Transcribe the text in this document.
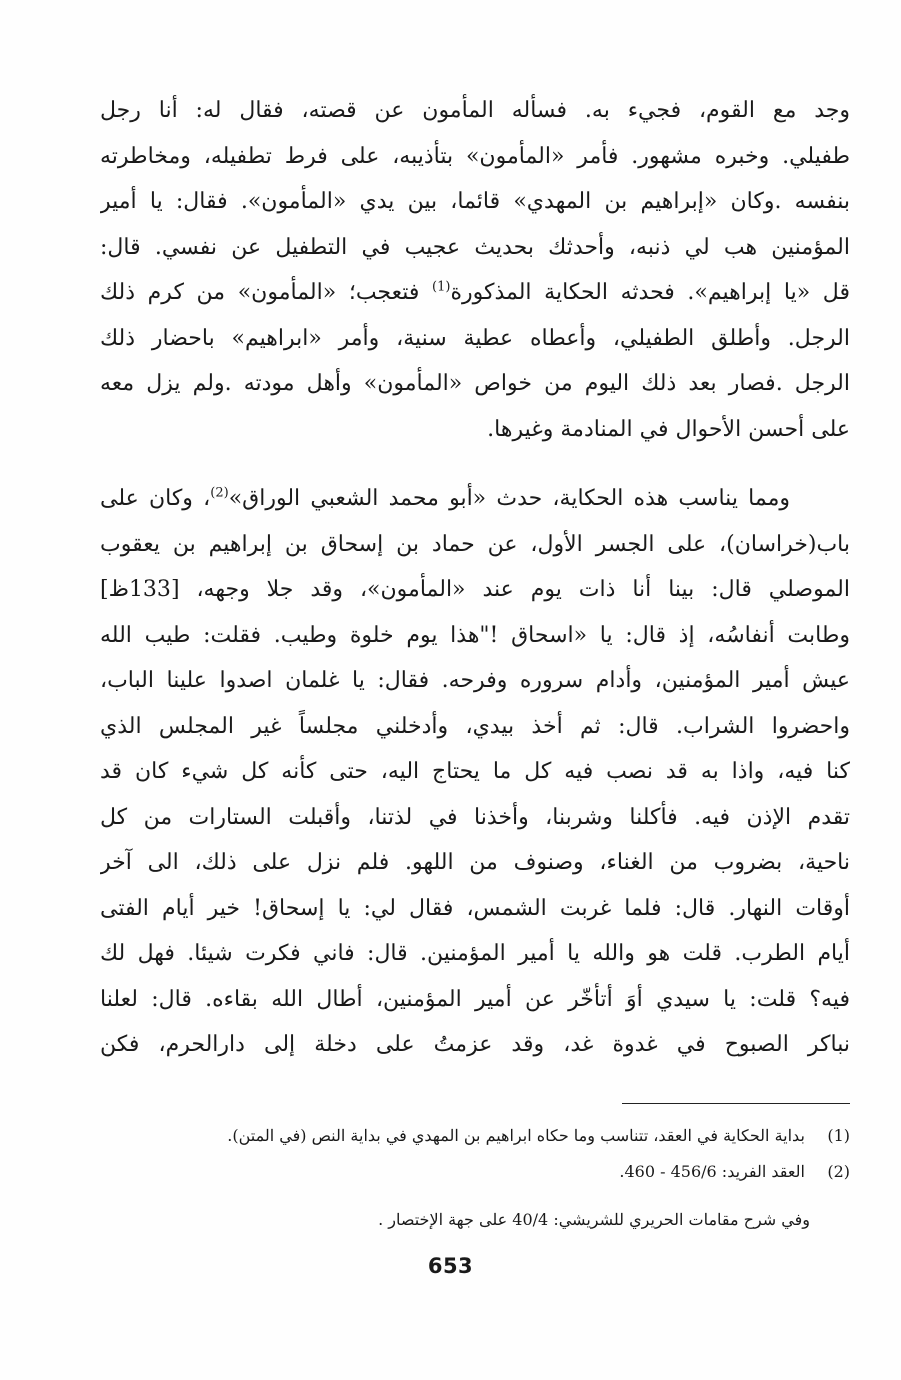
وجد مع القوم، فجيء به. فسأله المأمون عن قصته، فقال له: أنا رجل
طفيلي. وخبره مشهور. فأمر «المأمون» بتأذيبه، على فرط تطفيله، ومخاطرته
بنفسه .وكان «إبراهيم بن المهدي» قائما، بين يدي «المأمون». فقال: يا أمير
المؤمنين هب لي ذنبه، وأحدثك بحديث عجيب في التطفيل عن نفسي. قال:
قل «يا إبراهيم». فحدثه الحكاية المذكورة$^{(1)}$ فتعجب؛ «المأمون» من كرم ذلك
الرجل. وأطلق الطفيلي، وأعطاه عطية سنية، وأمر «ابراهيم» باحضار ذلك
الرجل .فصار بعد ذلك اليوم من خواص «المأمون» وأهل مودته .ولم يزل معه
على أحسن الأحوال في المنادمة وغيرها.
ومما يناسب هذه الحكاية، حدث «أبو محمد الشعبي الوراق»$^{(2)}$، وكان على
باب(خراسان)، على الجسر الأول، عن حماد بن إسحاق بن إبراهيم بن يعقوب
الموصلي قال: بينا أنا ذات يوم عند «المأمون»، وقد جلا وجهه، [133ظ]
وطابت أنفاسُه، إذ قال: يا «اسحاق !"هذا يوم خلوة وطيب. فقلت: طيب الله
عيش أمير المؤمنين، وأدام سروره وفرحه. فقال: يا غلمان اصدوا علينا الباب،
واحضروا الشراب. قال: ثم أخذ بيدي، وأدخلني مجلساً غير المجلس الذي
كنا فيه، واذا به قد نصب فيه كل ما يحتاج اليه، حتى كأنه كل شيء كان قد
تقدم الإذن فيه. فأكلنا وشربنا، وأخذنا في لذتنا، وأقبلت الستارات من كل
ناحية، بضروب من الغناء، وصنوف من اللهو. فلم نزل على ذلك، الى آخر
أوقات النهار. قال: فلما غربت الشمس، فقال لي: يا إسحاق! خير أيام الفتى
أيام الطرب. قلت هو والله يا أمير المؤمنين. قال: فاني فكرت شيئا. فهل لك
فيه؟ قلت: يا سيدي أوَ أتأخّر عن أمير المؤمنين، أطال الله بقاءه. قال: لعلنا
نباكر الصبوح في غدوة غد، وقد عزمتُ على دخلة إلى دارالحرم، فكن
(1) بداية الحكاية في العقد، تتناسب وما حكاه ابراهيم بن المهدي في بداية النص (في المتن).
(2) العقد الفريد: 456/6 - 460.
وفي شرح مقامات الحريري للشريشي: 40/4 على جهة الإختصار .
653
